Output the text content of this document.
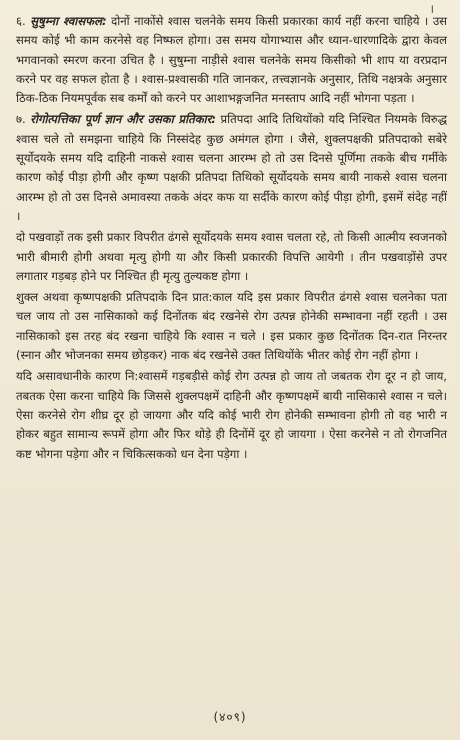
।

६. सुषुम्ना श्वासफल: दोनों नाकोंसे श्वास चलनेके समय किसी प्रकारका कार्य नहीं करना चाहिये । उस समय कोई भी काम करनेसे वह निष्फल होगा। उस समय योगाभ्यास और ध्यान-धारणादिके द्वारा केवल भगवानको स्मरण करना उचित है । सुषुम्ना नाड़ीसे श्वास चलनेके समय किसीको भी शाप या वरप्रदान करने पर वह सफल होता है । श्वास-प्रश्वासकी गति जानकर, तत्त्वज्ञानके अनुसार, तिथि नक्षत्रके अनुसार ठिक-ठिक नियमपूर्वक सब कर्मों को करने पर आशाभङ्गजनित मनस्ताप आदि नहीं भोगना पड़ता ।

७. रोगोत्पत्तिका पूर्ण ज्ञान और उसका प्रतिकार: प्रतिपदा आदि तिथियोंको यदि निश्चित नियमके विरुद्ध श्वास चले तो समझना चाहिये कि निस्संदेह कुछ अमंगल होगा । जैसे, शुक्लपक्षकी प्रतिपदाको सबेरे सूर्योदयके समय यदि दाहिनी नाकसे श्वास चलना आरम्भ हो तो उस दिनसे पूर्णिमा तकके बीच गर्मीके कारण कोई पीड़ा होगी और कृष्ण पक्षकी प्रतिपदा तिथिको सूर्योदयके समय बायी नाकसे श्वास चलना आरम्भ हो तो उस दिनसे अमावस्या तकके अंदर कफ या सर्दीके कारण कोई पीड़ा होगी, इसमें संदेह नहीं ।

दो पखवाड़ों तक इसी प्रकार विपरीत ढंगसे सूर्योदयके समय श्वास चलता रहे, तो किसी आत्मीय स्वजनको भारी बीमारी होगी अथवा मृत्यु होगी या और किसी प्रकारकी विपत्ति आयेगी । तीन पखवाड़ोंसे उपर लगातार गड़बड़ होने पर निश्चित ही मृत्यु तुल्यकष्ट होगा ।

शुक्ल अथवा कृष्णपक्षकी प्रतिपदाके दिन प्रात:काल यदि इस प्रकार विपरीत ढंगसे श्वास चलनेका पता चल जाय तो उस नासिकाको कई दिनोंतक बंद रखनेसे रोग उत्पन्न होनेकी सम्भावना नहीं रहती । उस नासिकाको इस तरह बंद रखना चाहिये कि श्वास न चले । इस प्रकार कुछ दिनोंतक दिन-रात निरन्तर (स्नान और भोजनका समय छोड़कर) नाक बंद रखनेसे उक्त तिथियोंके भीतर कोई रोग नहीं होगा ।

यदि असावधानीके कारण नि:श्वासमें गड़बड़ीसे कोई रोग उत्पन्न हो जाय तो जबतक रोग दूर न हो जाय, तबतक ऐसा करना चाहिये कि जिससे शुक्लपक्षमें दाहिनी और कृष्णपक्षमें बायी नासिकासे श्वास न चले। ऐसा करनेसे रोग शीघ्र दूर हो जायगा और यदि कोई भारी रोग होनेकी सम्भावना होगी तो वह भारी न होकर बहुत सामान्य रूपमें होगा और फिर थोड़े ही दिनोंमें दूर हो जायगा । ऐसा करनेसे न तो रोगजनित कष्ट भोगना पड़ेगा और न चिकित्सकको धन देना पड़ेगा ।

(४०९)
